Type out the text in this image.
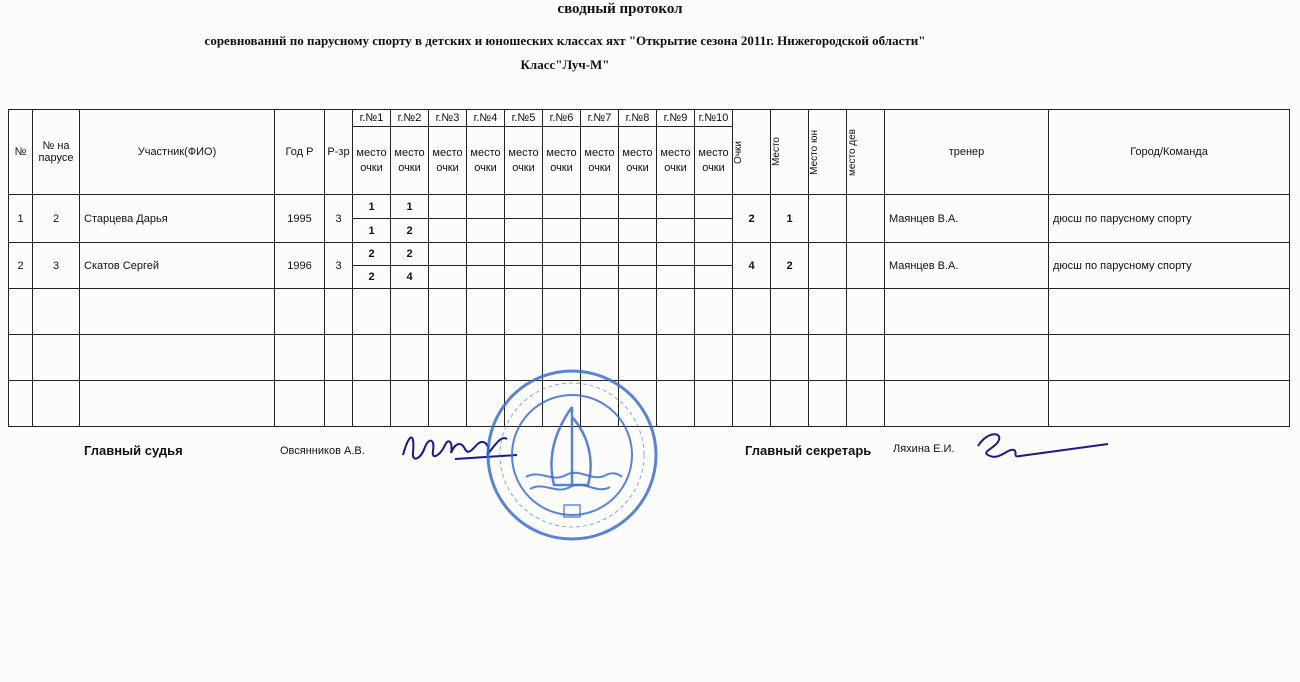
сводный протокол
соревнований по парусному спорту в детских и юношеских классах яхт "Открытие сезона 2011г. Нижегородской области"
Класс"Луч-М"
№	№ на парусе	Участник(ФИО)	Год Р	Р-зр	г.№1	г.№2	г.№3	г.№4	г.№5	г.№6	г.№7	г.№8	г.№9	г.№10	Очки	Место	Место юн	место дев	тренер	Город/Команда
					место очки	место очки	место очки	место очки	место очки	место очки	место очки	место очки	место очки	место очки						
1	2	Старцева Дарья	1995	3	1	1									2	1			Маянцев В.А.	дюсш по парусному спорту
					1	2														
2	3	Скатов Сергей	1996	3	2	2									4	2			Маянцев В.А.	дюсш по парусному спорту
					2	4														

Главный судья	Овсянников А.В.	Главный секретарь Ляхина Е.И.
